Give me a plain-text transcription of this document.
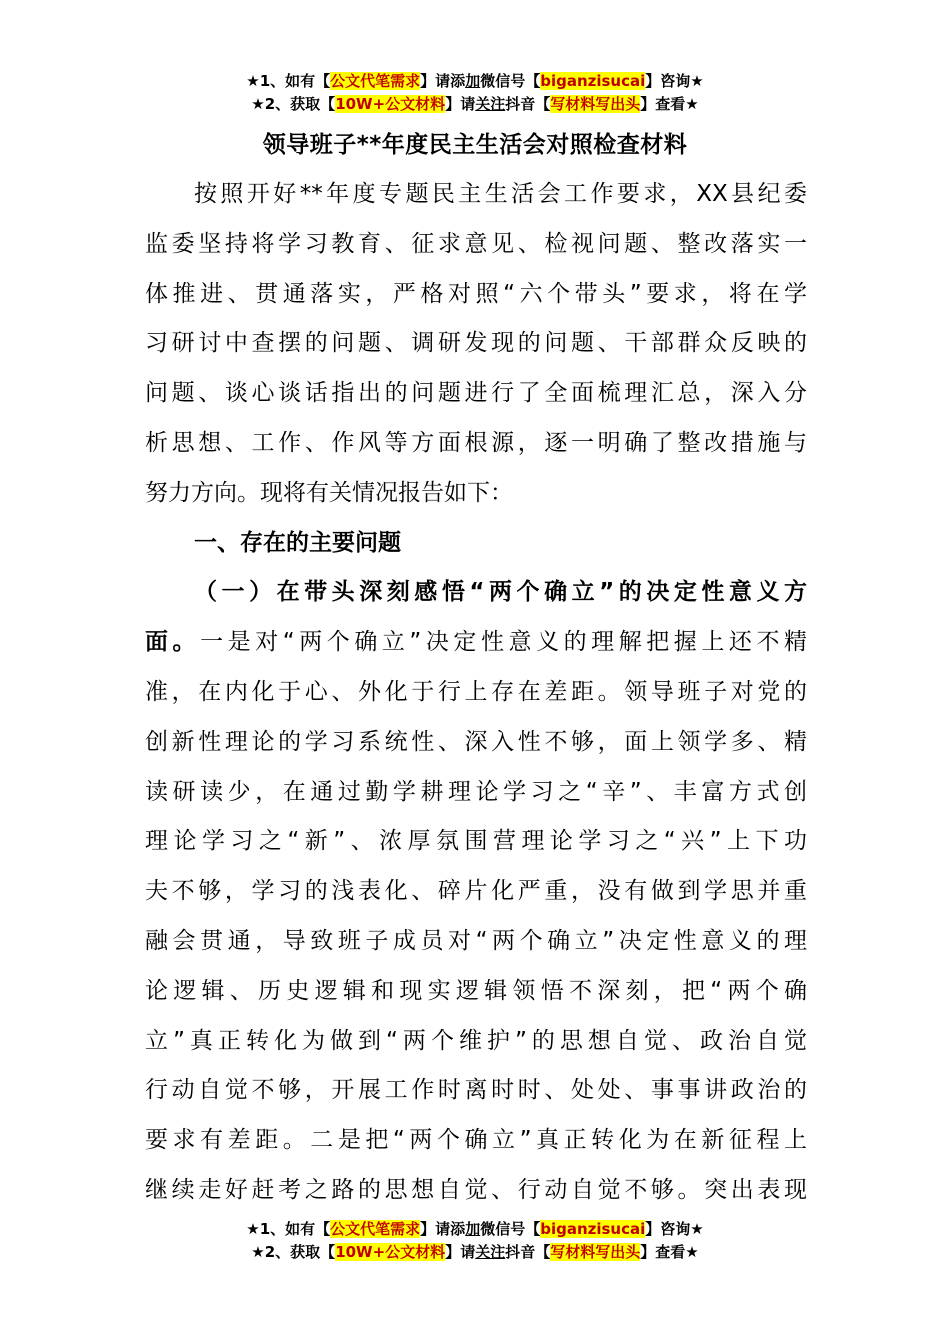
★1、如有【公文代笔需求】请添加微信号【biganzisucai】咨询★
★2、获取【10W+公文材料】请关注抖音【写材料写出头】查看★
领导班子**年度民主生活会对照检查材料
按照开好**年度专题民主生活会工作要求，XX县纪委
监委坚持将学习教育、征求意见、检视问题、整改落实一
体推进、贯通落实，严格对照“六个带头”要求，将在学
习研讨中查摆的问题、调研发现的问题、干部群众反映的
问题、谈心谈话指出的问题进行了全面梳理汇总，深入分
析思想、工作、作风等方面根源，逐一明确了整改措施与
努力方向。现将有关情况报告如下：
一、存在的主要问题
（一）在带头深刻感悟“两个确立”的决定性意义方
面。一是对“两个确立”决定性意义的理解把握上还不精
准，在内化于心、外化于行上存在差距。领导班子对党的
创新性理论的学习系统性、深入性不够，面上领学多、精
读研读少，在通过勤学耕理论学习之“辛”、丰富方式创
理论学习之“新”、浓厚氛围营理论学习之“兴”上下功
夫不够，学习的浅表化、碎片化严重，没有做到学思并重
融会贯通，导致班子成员对“两个确立”决定性意义的理
论逻辑、历史逻辑和现实逻辑领悟不深刻，把“两个确
立”真正转化为做到“两个维护”的思想自觉、政治自觉
行动自觉不够，开展工作时离时时、处处、事事讲政治的
要求有差距。二是把“两个确立”真正转化为在新征程上
继续走好赶考之路的思想自觉、行动自觉不够。突出表现
★1、如有【公文代笔需求】请添加微信号【biganzisucai】咨询★
★2、获取【10W+公文材料】请关注抖音【写材料写出头】查看★
